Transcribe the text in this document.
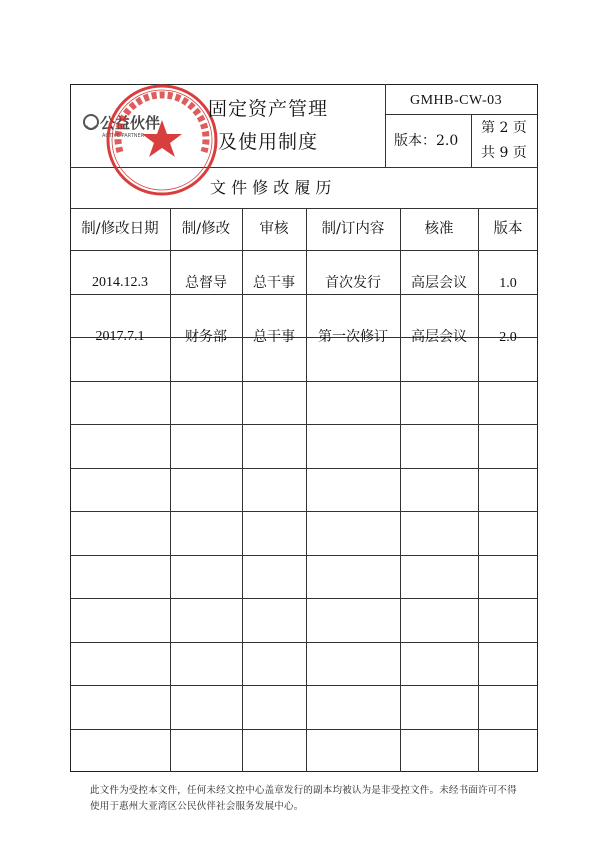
公益伙伴
ACTIVE PARTNER
固定资产管理
及使用制度
GMHB-CW-03
版本：2.0
第 2 页
共 9 页
文 件 修 改 履 历
制/修改日期	制/修改	审核	制/订内容	核准	版本
2014.12.3	总督导	总干事	首次发行	高层会议	1.0
2017.7.1	财务部	总干事	第一次修订	高层会议	2.0
此文件为受控本文件，任何未经文控中心盖章发行的副本均被认为是非受控文件。未经书面许可不得
使用于惠州大亚湾区公民伙伴社会服务发展中心。
